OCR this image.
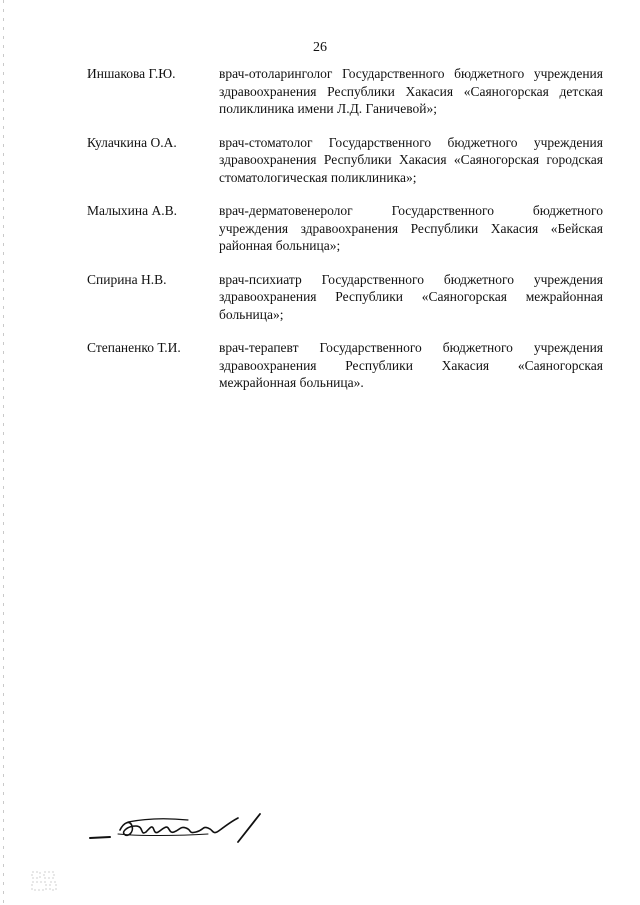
26
Иншакова Г.Ю.	врач-отоларинголог Государственного бюджетного учреждения здравоохранения Республики Хакасия «Саяногорская детская поликлиника имени Л.Д. Ганичевой»;
Кулачкина О.А.	врач-стоматолог Государственного бюджетного учреждения здравоохранения Республики Хакасия «Саяногорская городская стоматологическая поликлиника»;
Малыхина А.В.	врач-дерматовенеролог Государственного бюджетного учреждения здравоохранения Республики Хакасия «Бейская районная больница»;
Спирина Н.В.	врач-психиатр Государственного бюджетного учреждения здравоохранения Республики «Саяногорская межрайонная больница»;
Степаненко Т.И.	врач-терапевт Государственного бюджетного учреждения здравоохранения Республики Хакасия «Саяногорская межрайонная больница».
